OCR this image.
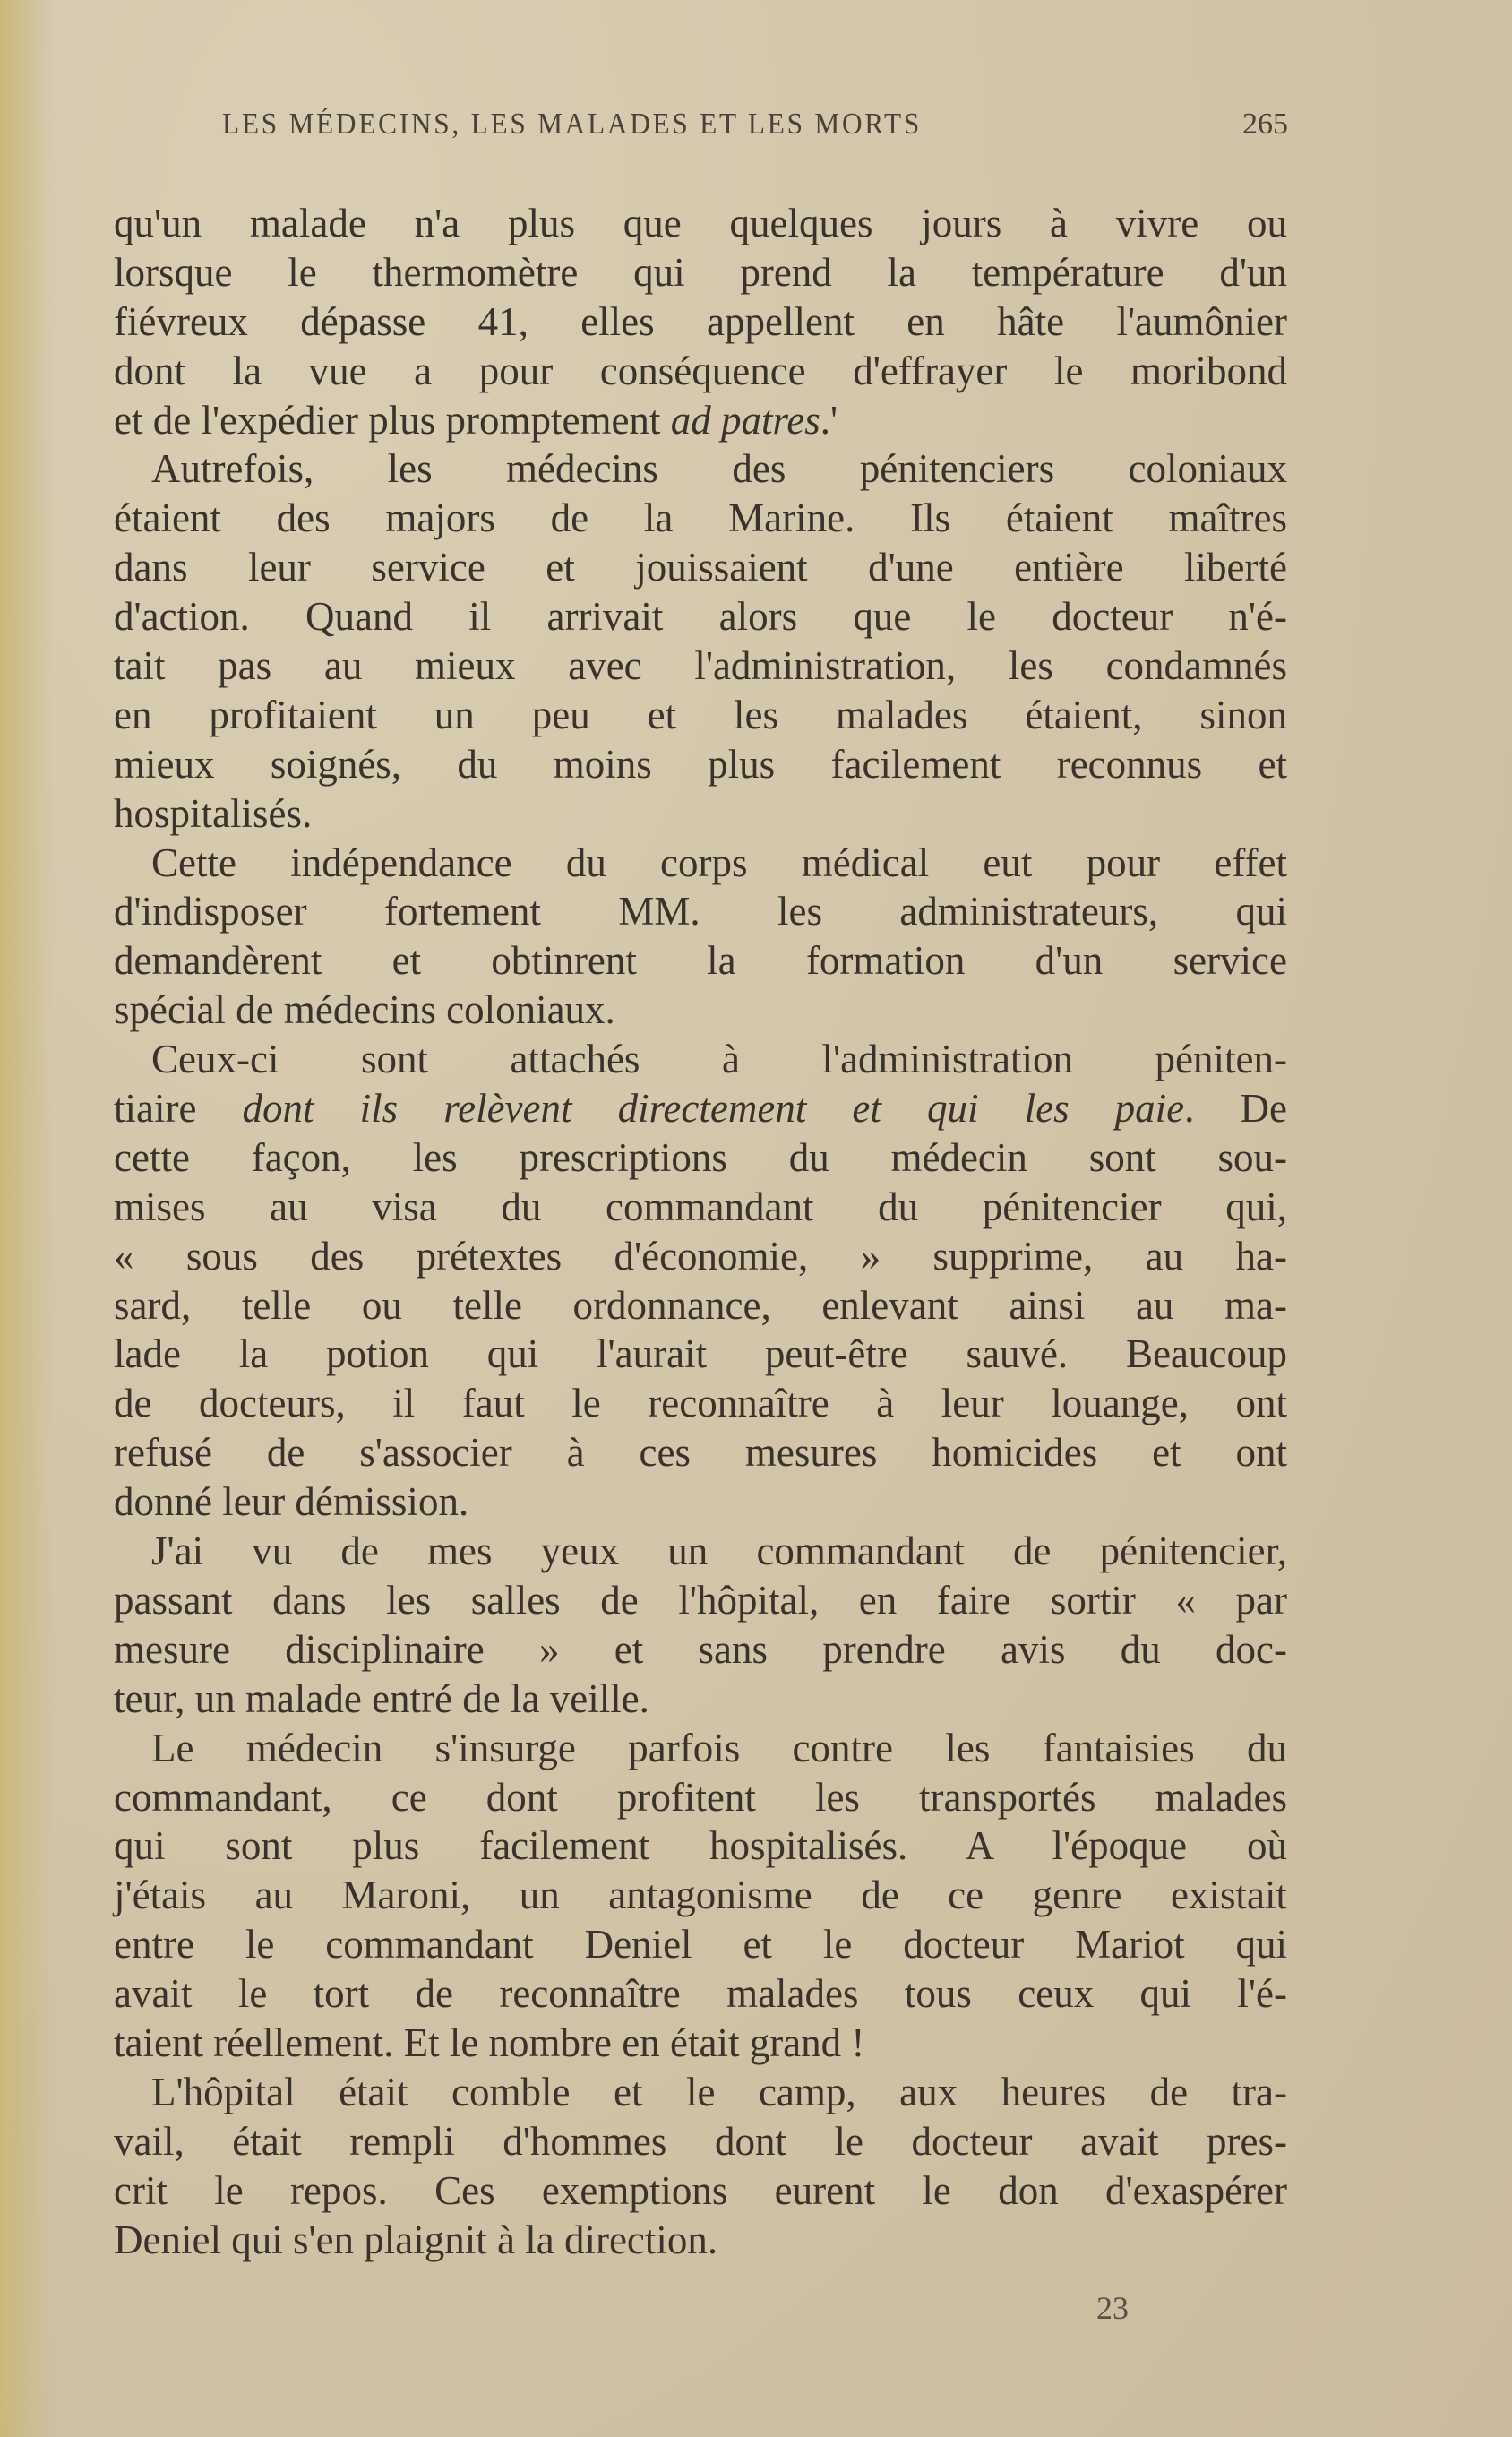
LES MÉDECINS, LES MALADES ET LES MORTS	265
qu'un malade n'a plus que quelques jours à vivre ou
lorsque le thermomètre qui prend la température d'un
fiévreux dépasse 41, elles appellent en hâte l'aumônier
dont la vue a pour conséquence d'effrayer le moribond
et de l'expédier plus promptement ad patres.'
Autrefois, les médecins des pénitenciers coloniaux
étaient des majors de la Marine. Ils étaient maîtres
dans leur service et jouissaient d'une entière liberté
d'action. Quand il arrivait alors que le docteur n'é-
tait pas au mieux avec l'administration, les condamnés
en profitaient un peu et les malades étaient, sinon
mieux soignés, du moins plus facilement reconnus et
hospitalisés.
Cette indépendance du corps médical eut pour effet
d'indisposer fortement MM. les administrateurs, qui
demandèrent et obtinrent la formation d'un service
spécial de médecins coloniaux.
Ceux-ci sont attachés à l'administration péniten-
tiaire dont ils relèvent directement et qui les paie. De
cette façon, les prescriptions du médecin sont sou-
mises au visa du commandant du pénitencier qui,
« sous des prétextes d'économie, » supprime, au ha-
sard, telle ou telle ordonnance, enlevant ainsi au ma-
lade la potion qui l'aurait peut-être sauvé. Beaucoup
de docteurs, il faut le reconnaître à leur louange, ont
refusé de s'associer à ces mesures homicides et ont
donné leur démission.
J'ai vu de mes yeux un commandant de pénitencier,
passant dans les salles de l'hôpital, en faire sortir « par
mesure disciplinaire » et sans prendre avis du doc-
teur, un malade entré de la veille.
Le médecin s'insurge parfois contre les fantaisies du
commandant, ce dont profitent les transportés malades
qui sont plus facilement hospitalisés. A l'époque où
j'étais au Maroni, un antagonisme de ce genre existait
entre le commandant Deniel et le docteur Mariot qui
avait le tort de reconnaître malades tous ceux qui l'é-
taient réellement. Et le nombre en était grand !
L'hôpital était comble et le camp, aux heures de tra-
vail, était rempli d'hommes dont le docteur avait pres-
crit le repos. Ces exemptions eurent le don d'exaspérer
Deniel qui s'en plaignit à la direction.
23
